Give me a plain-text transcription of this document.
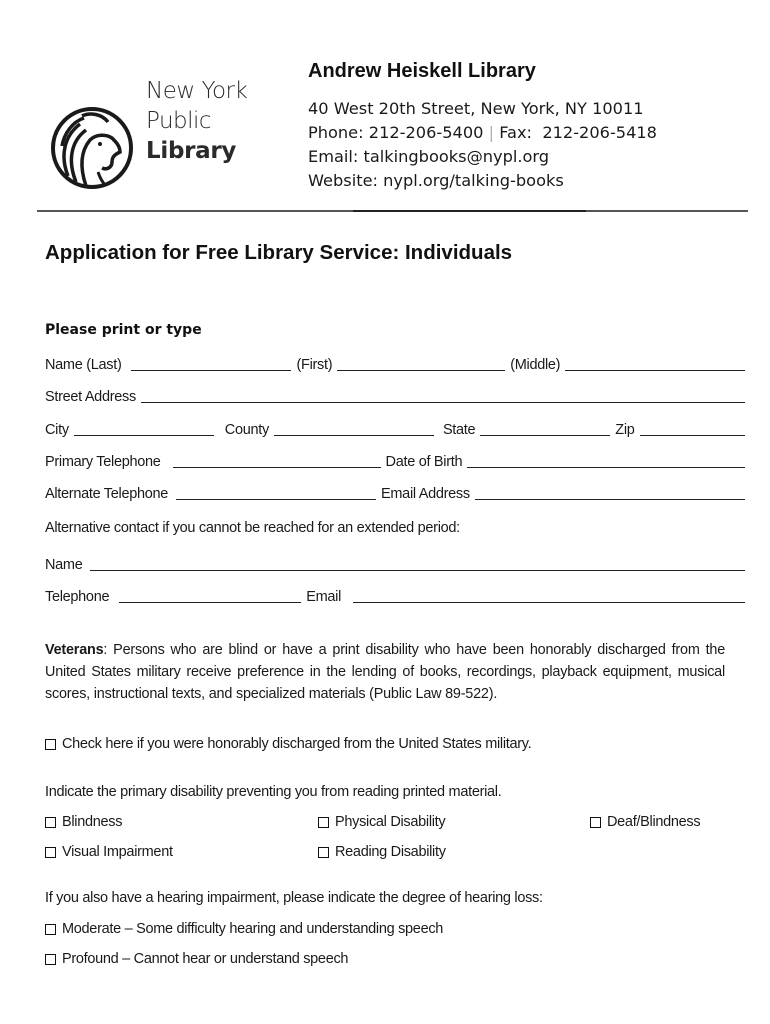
New York
Public
Library
Andrew Heiskell Library
40 West 20th Street, New York, NY 10011
Phone: 212-206-5400 | Fax: 212-206-5418
Email: talkingbooks@nypl.org
Website: nypl.org/talking-books
Application for Free Library Service: Individuals
Please print or type
Name (Last)	(First)	(Middle)
Street Address
City	County	State	Zip
Primary Telephone	Date of Birth
Alternate Telephone	Email Address
Alternative contact if you cannot be reached for an extended period:
Name
Telephone	Email
Veterans: Persons who are blind or have a print disability who have been honorably discharged from the United States military receive preference in the lending of books, recordings, playback equipment, musical scores, instructional texts, and specialized materials (Public Law 89-522).
Check here if you were honorably discharged from the United States military.
Indicate the primary disability preventing you from reading printed material.
Blindness	Physical Disability	Deaf/Blindness
Visual Impairment	Reading Disability
If you also have a hearing impairment, please indicate the degree of hearing loss:
Moderate – Some difficulty hearing and understanding speech
Profound – Cannot hear or understand speech
